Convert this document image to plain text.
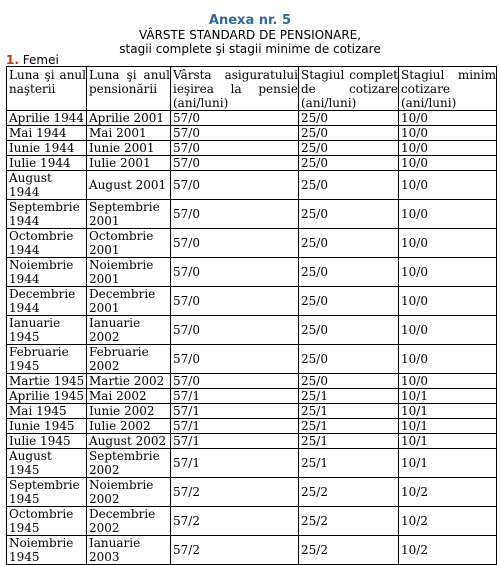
Anexa nr. 5
VÂRSTE STANDARD DE PENSIONARE,
stagii complete şi stagii minime de cotizare
1. Femei
Luna şi anul
naşterii	Luna şi anul
pensionării	Vârsta asiguratului
ieşirea la pensie
(ani/luni)	Stagiul complet
de cotizare
(ani/luni)	Stagiul minim
cotizare
(ani/luni)

Aprilie 1944	Aprilie 2001	57/0	25/0	10/0

Mai 1944	Mai 2001	57/0	25/0	10/0

Iunie 1944	Iunie 2001	57/0	25/0	10/0

Iulie 1944	Iulie 2001	57/0	25/0	10/0

August 1944	August 2001	57/0	25/0	10/0

Septembrie 1944	Septembrie 2001	57/0	25/0	10/0

Octombrie 1944	Octombrie 2001	57/0	25/0	10/0

Noiembrie 1944	Noiembrie 2001	57/0	25/0	10/0

Decembrie 1944	Decembrie 2001	57/0	25/0	10/0

Ianuarie 1945	Ianuarie 2002	57/0	25/0	10/0

Februarie 1945	Februarie 2002	57/0	25/0	10/0

Martie 1945	Martie 2002	57/0	25/0	10/0

Aprilie 1945	Mai 2002	57/1	25/1	10/1

Mai 1945	Iunie 2002	57/1	25/1	10/1

Iunie 1945	Iulie 2002	57/1	25/1	10/1

Iulie 1945	August 2002	57/1	25/1	10/1

August 1945	Septembrie 2002	57/1	25/1	10/1

Septembrie 1945	Noiembrie 2002	57/2	25/2	10/2

Octombrie 1945	Decembrie 2002	57/2	25/2	10/2

Noiembrie 1945	Ianuarie 2003	57/2	25/2	10/2
